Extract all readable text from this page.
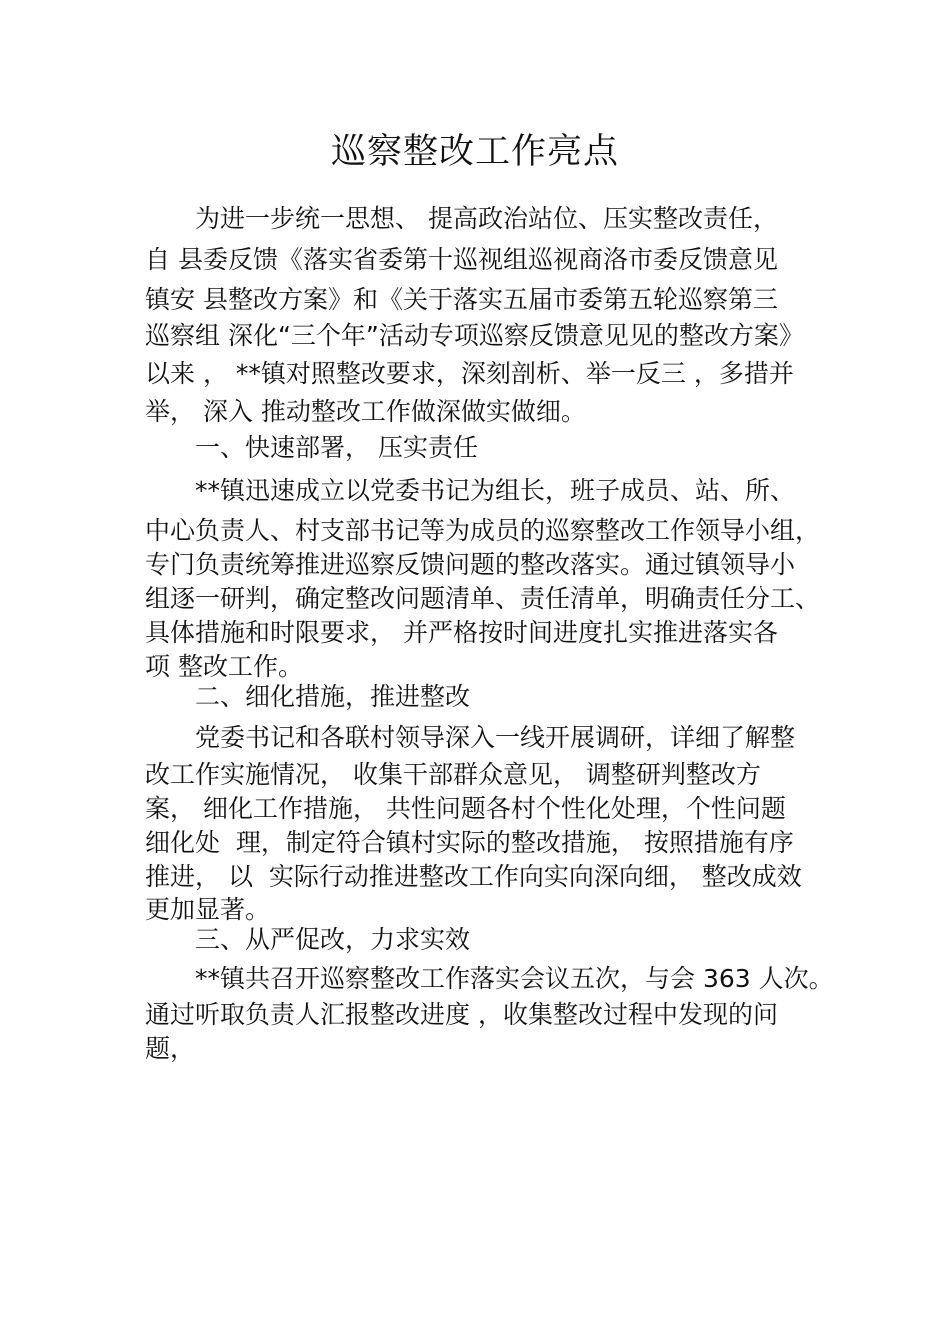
巡察整改工作亮点

为进一步统一思想、 提高政治站位、压实整改责任，

自 县委反馈《落实省委第十巡视组巡视商洛市委反馈意见

镇安 县整改方案》和《关于落实五届市委第五轮巡察第三

巡察组 深化“三个年”活动专项巡察反馈意见见的整改方案》

以来 ， **镇对照整改要求，深刻剖析、举一反三 ，多措并

举， 深入 推动整改工作做深做实做细。

一、快速部署， 压实责任

**镇迅速成立以党委书记为组长，班子成员、站、所、

中心负责人、村支部书记等为成员的巡察整改工作领导小组，

专门负责统筹推进巡察反馈问题的整改落实。通过镇领导小

组逐一研判，确定整改问题清单、责任清单，明确责任分工、

具体措施和时限要求， 并严格按时间进度扎实推进落实各

项 整改工作。

二、细化措施，推进整改

党委书记和各联村领导深入一线开展调研，详细了解整

改工作实施情况， 收集干部群众意见， 调整研判整改方

案， 细化工作措施， 共性问题各村个性化处理，个性问题

细化处  理，制定符合镇村实际的整改措施， 按照措施有序

推进， 以  实际行动推进整改工作向实向深向细， 整改成效

更加显著。

三、从严促改，力求实效

**镇共召开巡察整改工作落实会议五次，与会 363 人次。

通过听取负责人汇报整改进度 ，收集整改过程中发现的问

题，
